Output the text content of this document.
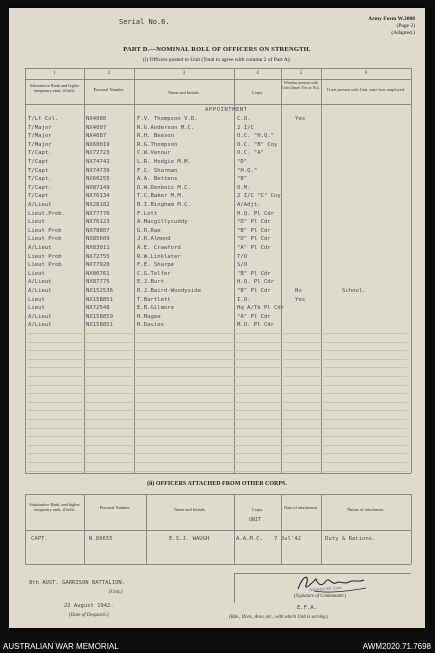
Serial No.6.	Army Form W.3008
(Page 2)
(Adapted.)
PART D.—NOMINAL ROLL OF OFFICERS ON STRENGTH.
(i) Officers posted to Unit (Total to agree with column 2 of Part A).
1	2	3	4	5	6
Substantive Rank and higher temporary rank, if held.	Personal Number.
Name and Initials.	Corps.
Whether present with Unit (Insert Yes or No).	If not present with Unit, state how employed.
APPOINTMENT
T/Lt Col.	NX4080	F.V. Thompson V.D.	C.O.	Yes
T/Major	NX4097	R.G.Anderson M.C.	2 I/C
T/Major	NX4087	R.H. Beeson	O.C. "H.Q."
T/Major	NX60019	R.G.Thompson	O.C. "B" Coy
T/Capt.	NX72723	C.W.Venour	O.C. "A"
T/Capt	NX74741	L.R. Hodgie M.M.	"D"
T/Capt	NX74739	F.C. Sharman	"H.Q."
T/Capt.	NX60255	A.A. Bettens	"B"
T/Capt.	NX87149	D.W.Denbois M.C.	O.M.
T/Capt	NX76134	T.C.Baker M.M.	2 I/C "C" Coy
A/Lieut	NX28182	B.I.Bingham M.C.	A/Adjt.
Lieut.Prob.	NX77776	F.Lott	H.Q. Pl Cdr
Lieut	NX76123	A.Macgillycuddy	"D" Pl Cdr
Lieut Prob	NX78807	G.R.Rae	"B" Pl Cdr
Lieut Prob	NX85609	J.R.Almond	"D" Pl Cdr
A/Lieut	NX83011	A.E. Crawford	"A" Pl Cdr
Lieut Prob	NX72755	R.W.Linklater	T/O
Lieut Prob	NX77920	F.E. Sharpe	S/O
Lieut	NX86761	C.G.Telfer	"B" Pl Cdr
A/Lieut	NX87775	E.J.Burt	H.Q. Pl Cdr
A/Lieut	NX152536	R.J.Baird-Woodyside	"B" Pl Cdr	No	School.
Lieut	NX158851	T.Bartlett	I.O.	Yes
Lieut	NX72548	E.B.Gilmore	Hq A/Tk Pl Cdr
A/Lieut	NX158859	H.Magee	"A" Pl Cdr
A/Lieut	NX158851	H.Davies	M.O. Pl Cdr
(ii) OFFICERS ATTACHED FROM OTHER CORPS.
Substantive Rank, and higher temporary rank, if held.	Personal Number.	Name and Initials.	Corps.
UNIT
Date of attachment.	Nature of attachment.
CAPT.	N.89655	E.S.J. WAUGH	A.A.M.C. 7 Jul'42	Duty & Rations.
8th AUST. GARRISON BATTALION.
(Unit.)
22 August 1942.
(Date of Despatch.)
Adjutant 8th Aust.
(Signature of Commander.)
E.F.A.
(Bde., Divn., Area, etc., with which Unit is serving.)
AUSTRALIAN WAR MEMORIAL	AWM2020.71.7698
